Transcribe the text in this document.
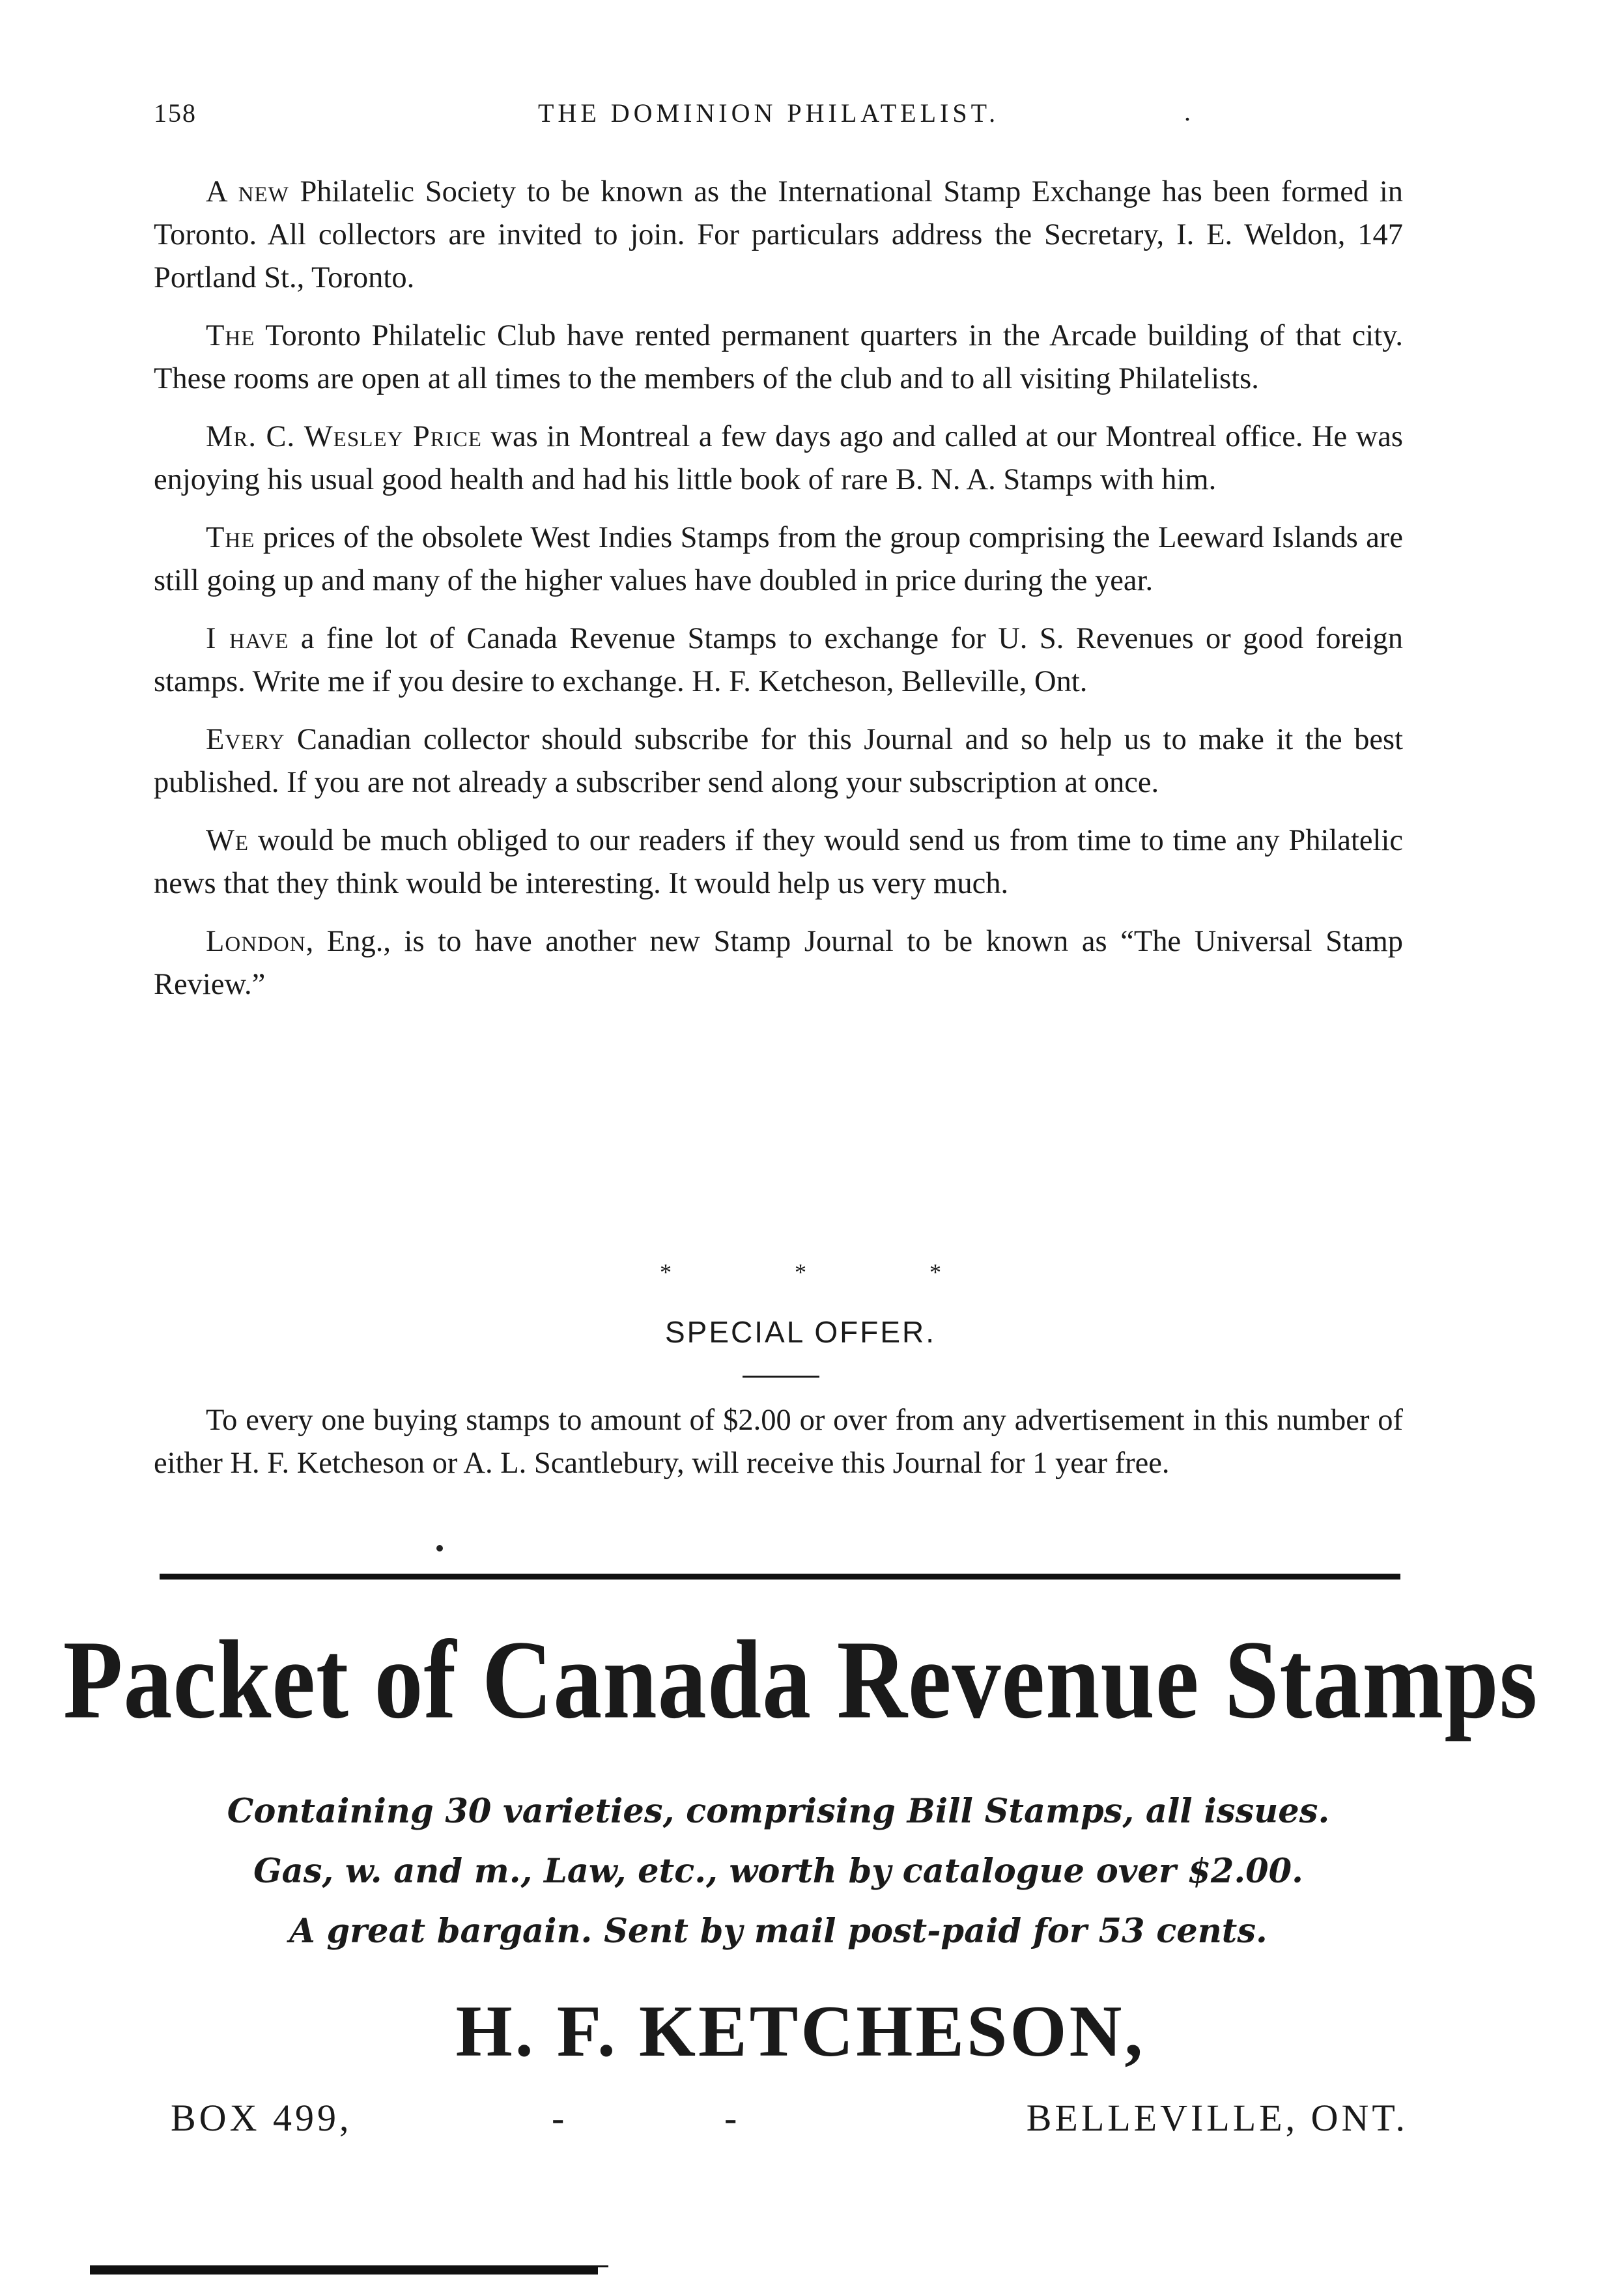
158	THE DOMINION PHILATELIST.	.

A new Philatelic Society to be known as the International Stamp Exchange has been formed in Toronto. All collectors are invited to join. For particulars address the Secretary, I. E. Weldon, 147 Portland St., Toronto.

The Toronto Philatelic Club have rented permanent quarters in the Arcade building of that city. These rooms are open at all times to the members of the club and to all visiting Philatelists.

Mr. C. Wesley Price was in Montreal a few days ago and called at our Montreal office. He was enjoying his usual good health and had his little book of rare B. N. A. Stamps with him.

The prices of the obsolete West Indies Stamps from the group comprising the Leeward Islands are still going up and many of the higher values have doubled in price during the year.

I have a fine lot of Canada Revenue Stamps to exchange for U. S. Revenues or good foreign stamps. Write me if you desire to exchange. H. F. Ketcheson, Belleville, Ont.

Every Canadian collector should subscribe for this Journal and so help us to make it the best published. If you are not already a subscriber send along your subscription at once.

We would be much obliged to our readers if they would send us from time to time any Philatelic news that they think would be interesting. It would help us very much.

London, Eng., is to have another new Stamp Journal to be known as “The Universal Stamp Review.”

* * *
SPECIAL OFFER.

To every one buying stamps to amount of $2.00 or over from any advertisement in this number of either H. F. Ketcheson or A. L. Scantlebury, will receive this Journal for 1 year free.

Packet of Canada Revenue Stamps
Containing 30 varieties, comprising Bill Stamps, all issues.
Gas, w. and m., Law, etc., worth by catalogue over $2.00.
A great bargain. Sent by mail post-paid for 53 cents.
H. F. KETCHESON,
BOX 499,	-	-	BELLEVILLE, ONT.
